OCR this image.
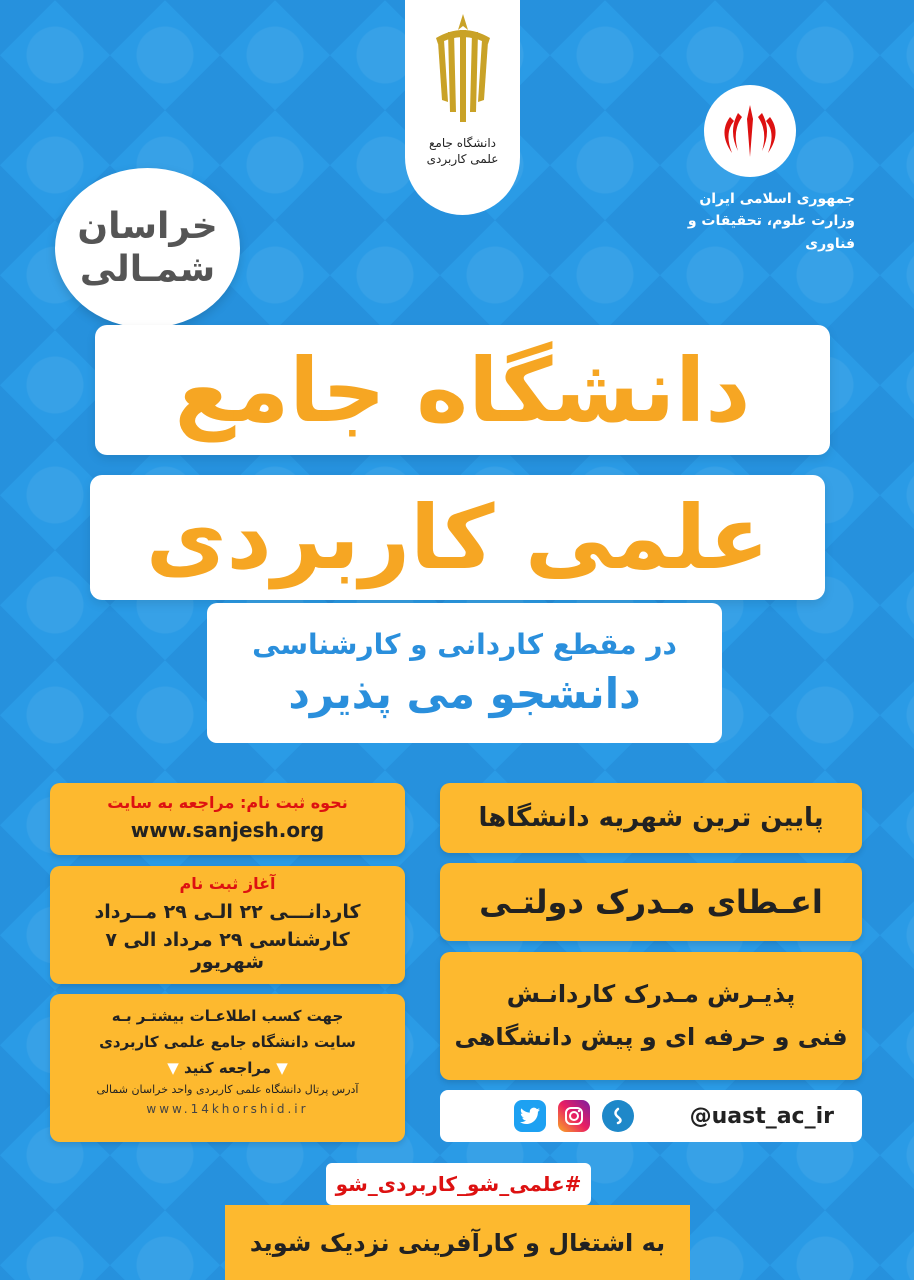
دانشگاه جامع
علمی کاربردی
جمهوری اسلامی ایران
وزارت علوم، تحقیقات و فناوری
خراسان
شمـالی
دانشگاه جامع
علمی کاربردی
در مقطع کاردانی و کارشناسی
دانشجو می پذیرد
پایین ترین شهریه دانشگاها
اعـطای مـدرک دولتـی
پذیـرش مـدرک کاردانـش
فنی و حرفه ای و پیش دانشگاهی
@uast_ac_ir
نحوه ثبت نام: مراجعه به سایت
www.sanjesh.org
آغاز ثبت نام
کاردانـــی ۲۲ الـی ۲۹ مــرداد
کارشناسی ۲۹ مرداد الی ۷ شهریور
جهت کسب اطلاعـات بیشتـر بـه
سایت دانشگاه جامع علمی کاربردی
▼ مراجعه کنید ▼
آدرس پرتال دانشگاه علمی کاربردی واحد خراسان شمالی
www.14khorshid.ir
#علمی_شو_کاربردی_شو
به اشتغال و کارآفرینی نزدیک شوید
